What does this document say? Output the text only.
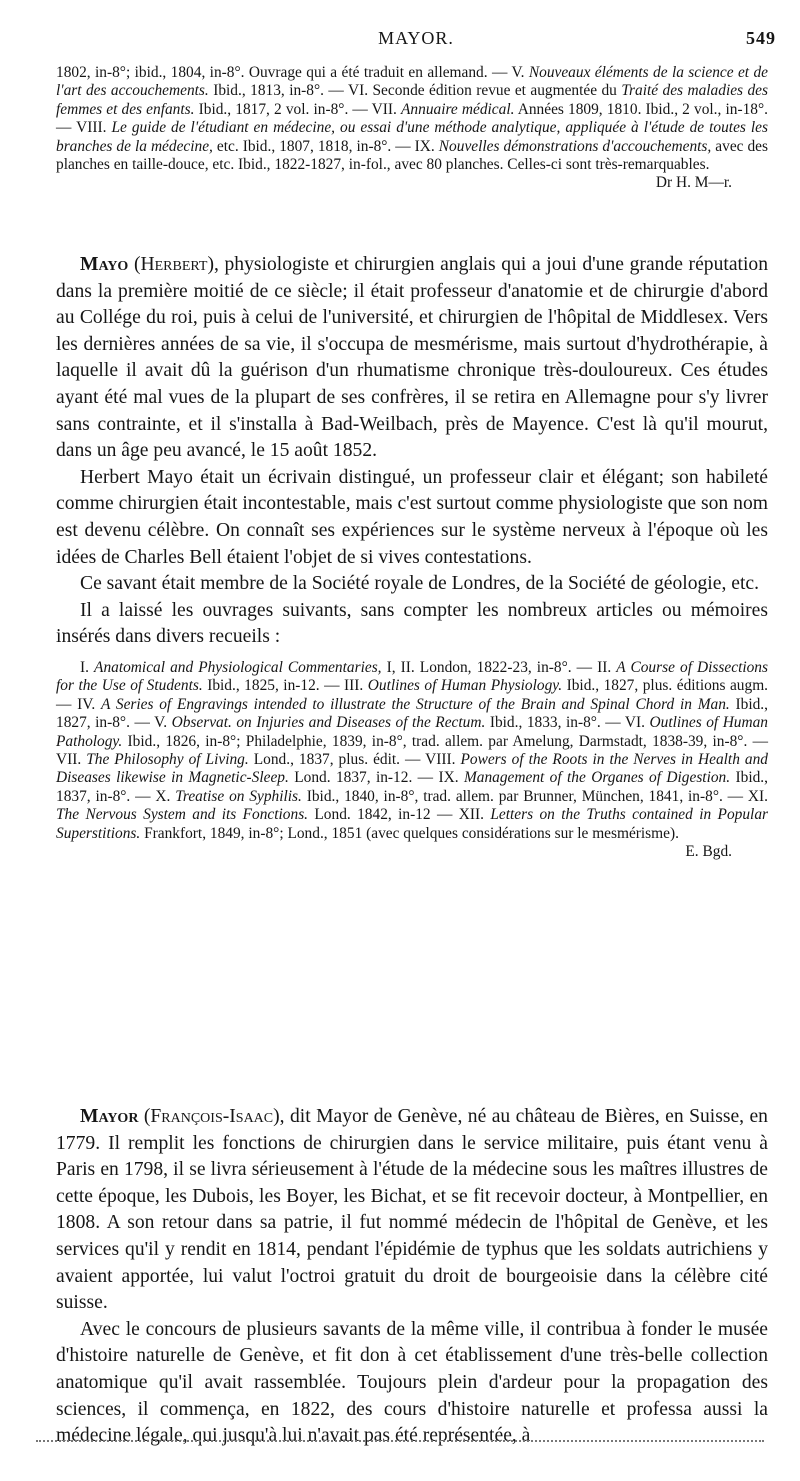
MAYOR.	549

1802, in-8°; ibid., 1804, in-8°. Ouvrage qui a été traduit en allemand. — V. Nouveaux éléments de la science et de l'art des accouchements. Ibid., 1813, in-8°. — VI. Seconde édition revue et augmentée du Traité des maladies des femmes et des enfants. Ibid., 1817, 2 vol. in-8°. — VII. Annuaire médical. Années 1809, 1810. Ibid., 2 vol., in-18°. — VIII. Le guide de l'étudiant en médecine, ou essai d'une méthode analytique, appliquée à l'étude de toutes les branches de la médecine, etc. Ibid., 1807, 1818, in-8°. — IX. Nouvelles démonstrations d'accouchements, avec des planches en taille-douce, etc. Ibid., 1822-1827, in-fol., avec 80 planches. Celles-ci sont très-remarquables.

Dr H. M—r.

Mayo (Herbert), physiologiste et chirurgien anglais qui a joui d'une grande réputation dans la première moitié de ce siècle; il était professeur d'anatomie et de chirurgie d'abord au Collége du roi, puis à celui de l'université, et chirurgien de l'hôpital de Middlesex. Vers les dernières années de sa vie, il s'occupa de mesmérisme, mais surtout d'hydrothérapie, à laquelle il avait dû la guérison d'un rhumatisme chronique très-douloureux. Ces études ayant été mal vues de la plupart de ses confrères, il se retira en Allemagne pour s'y livrer sans contrainte, et il s'installa à Bad-Weilbach, près de Mayence. C'est là qu'il mourut, dans un âge peu avancé, le 15 août 1852.

Herbert Mayo était un écrivain distingué, un professeur clair et élégant; son habileté comme chirurgien était incontestable, mais c'est surtout comme physiologiste que son nom est devenu célèbre. On connaît ses expériences sur le système nerveux à l'époque où les idées de Charles Bell étaient l'objet de si vives contestations.

Ce savant était membre de la Société royale de Londres, de la Société de géologie, etc.

Il a laissé les ouvrages suivants, sans compter les nombreux articles ou mémoires insérés dans divers recueils :

I. Anatomical and Physiological Commentaries, I, II. London, 1822-23, in-8°. — II. A Course of Dissections for the Use of Students. Ibid., 1825, in-12. — III. Outlines of Human Physiology. Ibid., 1827, plus. éditions augm. — IV. A Series of Engravings intended to illustrate the Structure of the Brain and Spinal Chord in Man. Ibid., 1827, in-8°. — V. Observat. on Injuries and Diseases of the Rectum. Ibid., 1833, in-8°. — VI. Outlines of Human Pathology. Ibid., 1826, in-8°; Philadelphie, 1839, in-8°, trad. allem. par Amelung, Darmstadt, 1838-39, in-8°. — VII. The Philosophy of Living. Lond., 1837, plus. édit. — VIII. Powers of the Roots in the Nerves in Health and Diseases likewise in Magnetic-Sleep. Lond. 1837, in-12. — IX. Management of the Organes of Digestion. Ibid., 1837, in-8°. — X. Treatise on Syphilis. Ibid., 1840, in-8°, trad. allem. par Brunner, München, 1841, in-8°. — XI. The Nervous System and its Fonctions. Lond. 1842, in-12 — XII. Letters on the Truths contained in Popular Superstitions. Frankfort, 1849, in-8°; Lond., 1851 (avec quelques considérations sur le mesmérisme).

E. Bgd.

Mayor (François-Isaac), dit Mayor de Genève, né au château de Bières, en Suisse, en 1779. Il remplit les fonctions de chirurgien dans le service militaire, puis étant venu à Paris en 1798, il se livra sérieusement à l'étude de la médecine sous les maîtres illustres de cette époque, les Dubois, les Boyer, les Bichat, et se fit recevoir docteur, à Montpellier, en 1808. A son retour dans sa patrie, il fut nommé médecin de l'hôpital de Genève, et les services qu'il y rendit en 1814, pendant l'épidémie de typhus que les soldats autrichiens y avaient apportée, lui valut l'octroi gratuit du droit de bourgeoisie dans la célèbre cité suisse.

Avec le concours de plusieurs savants de la même ville, il contribua à fonder le musée d'histoire naturelle de Genève, et fit don à cet établissement d'une très-belle collection anatomique qu'il avait rassemblée. Toujours plein d'ardeur pour la propagation des sciences, il commença, en 1822, des cours d'histoire naturelle et professa aussi la médecine légale, qui jusqu'à lui n'avait pas été représentée, à
